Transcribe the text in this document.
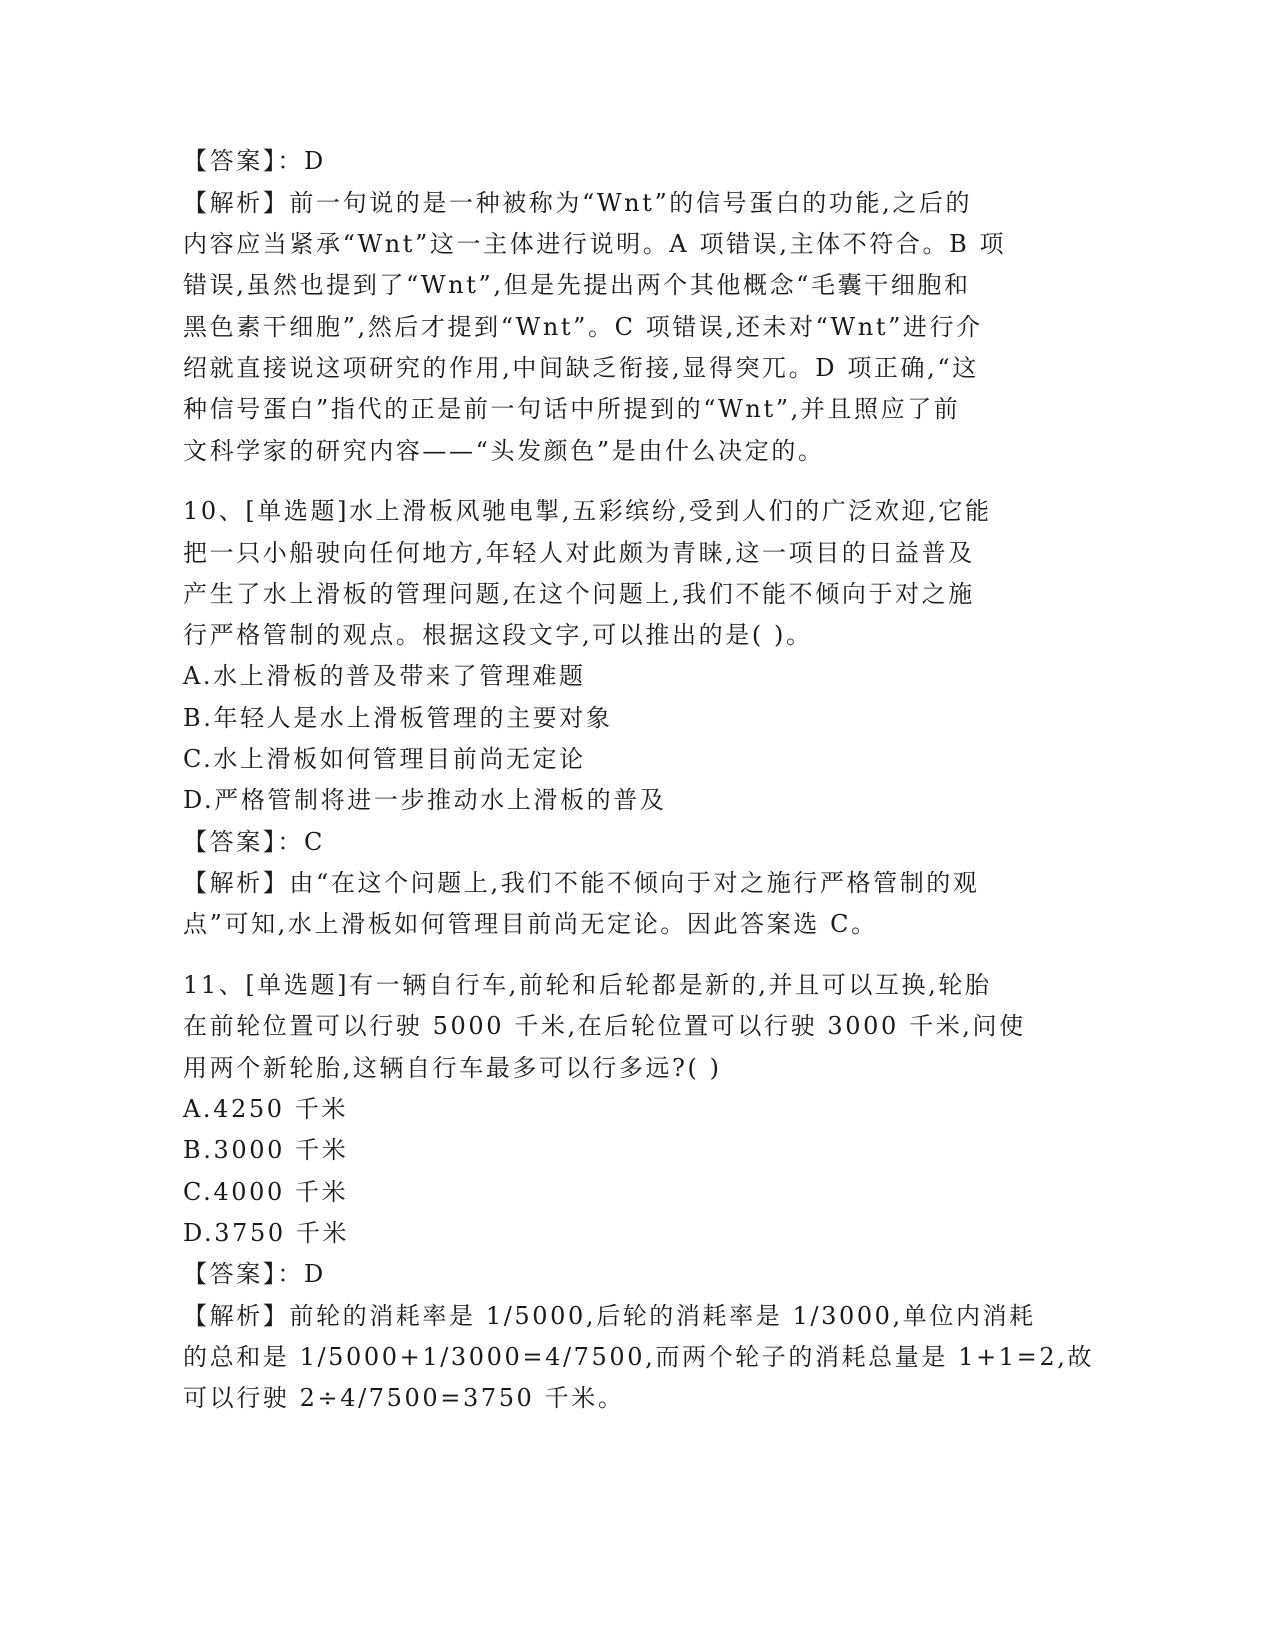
【答案】：D
【解析】前一句说的是一种被称为“Wnt”的信号蛋白的功能,之后的
内容应当紧承“Wnt”这一主体进行说明。A 项错误,主体不符合。B 项
错误,虽然也提到了“Wnt”,但是先提出两个其他概念“毛囊干细胞和
黑色素干细胞”,然后才提到“Wnt”。C 项错误,还未对“Wnt”进行介
绍就直接说这项研究的作用,中间缺乏衔接,显得突兀。D 项正确,“这
种信号蛋白”指代的正是前一句话中所提到的“Wnt”,并且照应了前
文科学家的研究内容——“头发颜色”是由什么决定的。
10、[单选题]水上滑板风驰电掣,五彩缤纷,受到人们的广泛欢迎,它能
把一只小船驶向任何地方,年轻人对此颇为青睐,这一项目的日益普及
产生了水上滑板的管理问题,在这个问题上,我们不能不倾向于对之施
行严格管制的观点。根据这段文字,可以推出的是( )。
A.水上滑板的普及带来了管理难题
B.年轻人是水上滑板管理的主要对象
C.水上滑板如何管理目前尚无定论
D.严格管制将进一步推动水上滑板的普及
【答案】：C
【解析】由“在这个问题上,我们不能不倾向于对之施行严格管制的观
点”可知,水上滑板如何管理目前尚无定论。因此答案选 C。
11、[单选题]有一辆自行车,前轮和后轮都是新的,并且可以互换,轮胎
在前轮位置可以行驶 5000 千米,在后轮位置可以行驶 3000 千米,问使
用两个新轮胎,这辆自行车最多可以行多远?( )
A.4250 千米
B.3000 千米
C.4000 千米
D.3750 千米
【答案】：D
【解析】前轮的消耗率是 1/5000,后轮的消耗率是 1/3000,单位内消耗
的总和是 1/5000+1/3000=4/7500,而两个轮子的消耗总量是 1+1=2,故
可以行驶 2÷4/7500=3750 千米。
